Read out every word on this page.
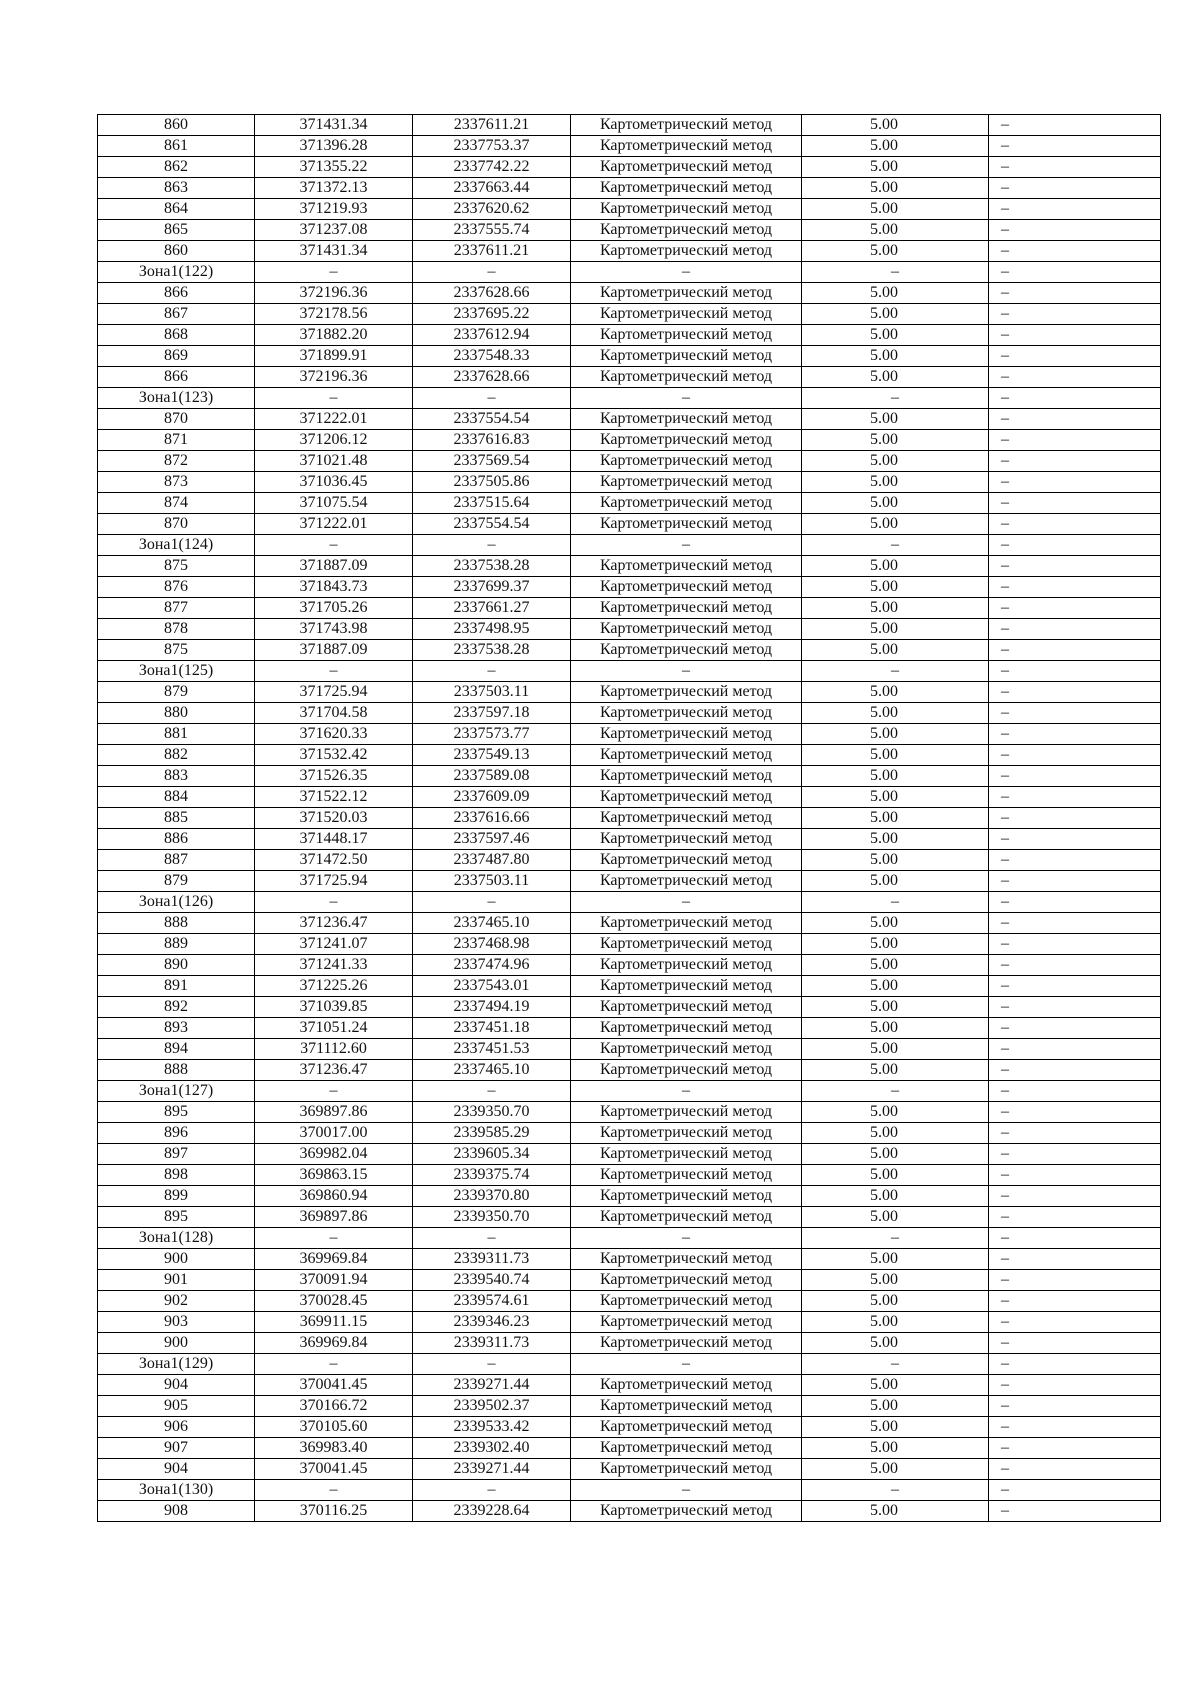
860	371431.34	2337611.21	Картометрический метод	5.00	–
861	371396.28	2337753.37	Картометрический метод	5.00	–
862	371355.22	2337742.22	Картометрический метод	5.00	–
863	371372.13	2337663.44	Картометрический метод	5.00	–
864	371219.93	2337620.62	Картометрический метод	5.00	–
865	371237.08	2337555.74	Картометрический метод	5.00	–
860	371431.34	2337611.21	Картометрический метод	5.00	–
Зона1(122)	–	–	–	–	–
866	372196.36	2337628.66	Картометрический метод	5.00	–
867	372178.56	2337695.22	Картометрический метод	5.00	–
868	371882.20	2337612.94	Картометрический метод	5.00	–
869	371899.91	2337548.33	Картометрический метод	5.00	–
866	372196.36	2337628.66	Картометрический метод	5.00	–
Зона1(123)	–	–	–	–	–
870	371222.01	2337554.54	Картометрический метод	5.00	–
871	371206.12	2337616.83	Картометрический метод	5.00	–
872	371021.48	2337569.54	Картометрический метод	5.00	–
873	371036.45	2337505.86	Картометрический метод	5.00	–
874	371075.54	2337515.64	Картометрический метод	5.00	–
870	371222.01	2337554.54	Картометрический метод	5.00	–
Зона1(124)	–	–	–	–	–
875	371887.09	2337538.28	Картометрический метод	5.00	–
876	371843.73	2337699.37	Картометрический метод	5.00	–
877	371705.26	2337661.27	Картометрический метод	5.00	–
878	371743.98	2337498.95	Картометрический метод	5.00	–
875	371887.09	2337538.28	Картометрический метод	5.00	–
Зона1(125)	–	–	–	–	–
879	371725.94	2337503.11	Картометрический метод	5.00	–
880	371704.58	2337597.18	Картометрический метод	5.00	–
881	371620.33	2337573.77	Картометрический метод	5.00	–
882	371532.42	2337549.13	Картометрический метод	5.00	–
883	371526.35	2337589.08	Картометрический метод	5.00	–
884	371522.12	2337609.09	Картометрический метод	5.00	–
885	371520.03	2337616.66	Картометрический метод	5.00	–
886	371448.17	2337597.46	Картометрический метод	5.00	–
887	371472.50	2337487.80	Картометрический метод	5.00	–
879	371725.94	2337503.11	Картометрический метод	5.00	–
Зона1(126)	–	–	–	–	–
888	371236.47	2337465.10	Картометрический метод	5.00	–
889	371241.07	2337468.98	Картометрический метод	5.00	–
890	371241.33	2337474.96	Картометрический метод	5.00	–
891	371225.26	2337543.01	Картометрический метод	5.00	–
892	371039.85	2337494.19	Картометрический метод	5.00	–
893	371051.24	2337451.18	Картометрический метод	5.00	–
894	371112.60	2337451.53	Картометрический метод	5.00	–
888	371236.47	2337465.10	Картометрический метод	5.00	–
Зона1(127)	–	–	–	–	–
895	369897.86	2339350.70	Картометрический метод	5.00	–
896	370017.00	2339585.29	Картометрический метод	5.00	–
897	369982.04	2339605.34	Картометрический метод	5.00	–
898	369863.15	2339375.74	Картометрический метод	5.00	–
899	369860.94	2339370.80	Картометрический метод	5.00	–
895	369897.86	2339350.70	Картометрический метод	5.00	–
Зона1(128)	–	–	–	–	–
900	369969.84	2339311.73	Картометрический метод	5.00	–
901	370091.94	2339540.74	Картометрический метод	5.00	–
902	370028.45	2339574.61	Картометрический метод	5.00	–
903	369911.15	2339346.23	Картометрический метод	5.00	–
900	369969.84	2339311.73	Картометрический метод	5.00	–
Зона1(129)	–	–	–	–	–
904	370041.45	2339271.44	Картометрический метод	5.00	–
905	370166.72	2339502.37	Картометрический метод	5.00	–
906	370105.60	2339533.42	Картометрический метод	5.00	–
907	369983.40	2339302.40	Картометрический метод	5.00	–
904	370041.45	2339271.44	Картометрический метод	5.00	–
Зона1(130)	–	–	–	–	–
908	370116.25	2339228.64	Картометрический метод	5.00	–
